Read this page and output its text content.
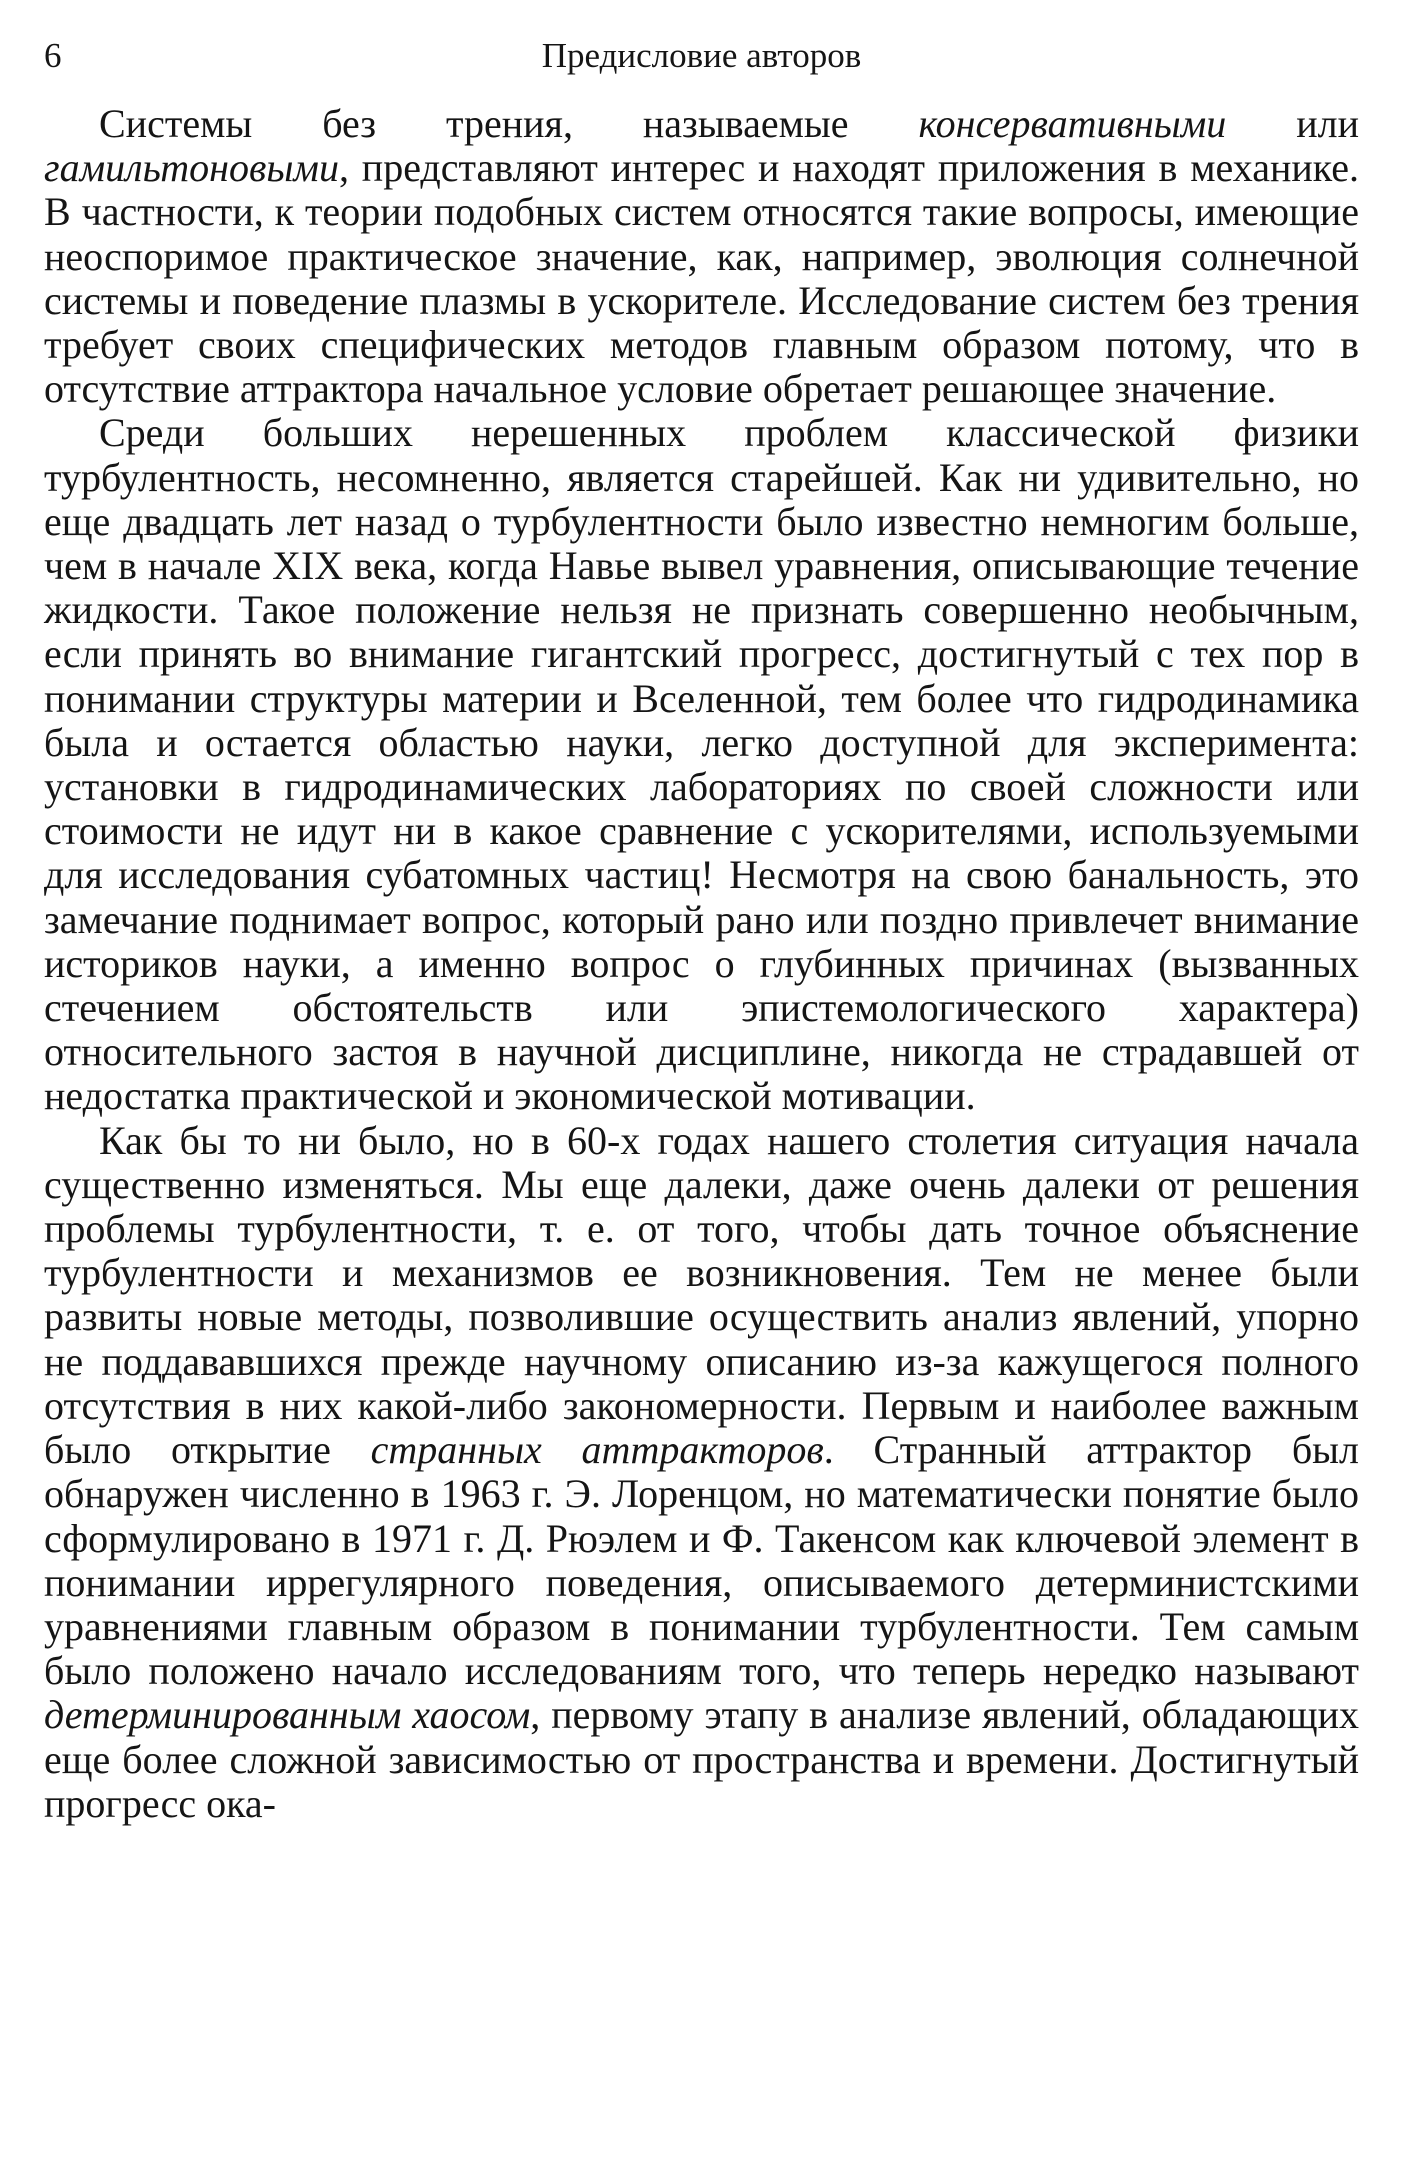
6	Предисловие авторов

Системы без трения, называемые консервативными или гамильтоновыми, представляют интерес и находят приложения в механике. В частности, к теории подобных систем относятся такие вопросы, имеющие неоспоримое практическое значение, как, например, эволюция солнечной системы и поведение плазмы в ускорителе. Исследование систем без трения требует своих специфических методов главным образом потому, что в отсутствие аттрактора начальное условие обретает решающее значение.

Среди больших нерешенных проблем классической физики турбулентность, несомненно, является старейшей. Как ни удивительно, но еще двадцать лет назад о турбулентности было известно немногим больше, чем в начале XIX века, когда Навье вывел уравнения, описывающие течение жидкости. Такое положение нельзя не признать совершенно необычным, если принять во внимание гигантский прогресс, достигнутый с тех пор в понимании структуры материи и Вселенной, тем более что гидродинамика была и остается областью науки, легко доступной для эксперимента: установки в гидродинамических лабораториях по своей сложности или стоимости не идут ни в какое сравнение с ускорителями, используемыми для исследования субатомных частиц! Несмотря на свою банальность, это замечание поднимает вопрос, который рано или поздно привлечет внимание историков науки, а именно вопрос о глубинных причинах (вызванных стечением обстоятельств или эпистемологического характера) относительного застоя в научной дисциплине, никогда не страдавшей от недостатка практической и экономической мотивации.

Как бы то ни было, но в 60-х годах нашего столетия ситуация начала существенно изменяться. Мы еще далеки, даже очень далеки от решения проблемы турбулентности, т. е. от того, чтобы дать точное объяснение турбулентности и механизмов ее возникновения. Тем не менее были развиты новые методы, позволившие осуществить анализ явлений, упорно не поддававшихся прежде научному описанию из-за кажущегося полного отсутствия в них какой-либо закономерности. Первым и наиболее важным было открытие странных аттракторов. Странный аттрактор был обнаружен численно в 1963 г. Э. Лоренцом, но математически понятие было сформулировано в 1971 г. Д. Рюэлем и Ф. Такенсом как ключевой элемент в понимании иррегулярного поведения, описываемого детерминистскими уравнениями главным образом в понимании турбулентности. Тем самым было положено начало исследованиям того, что теперь нередко называют детерминированным хаосом, первому этапу в анализе явлений, обладающих еще более сложной зависимостью от пространства и времени. Достигнутый прогресс ока-
